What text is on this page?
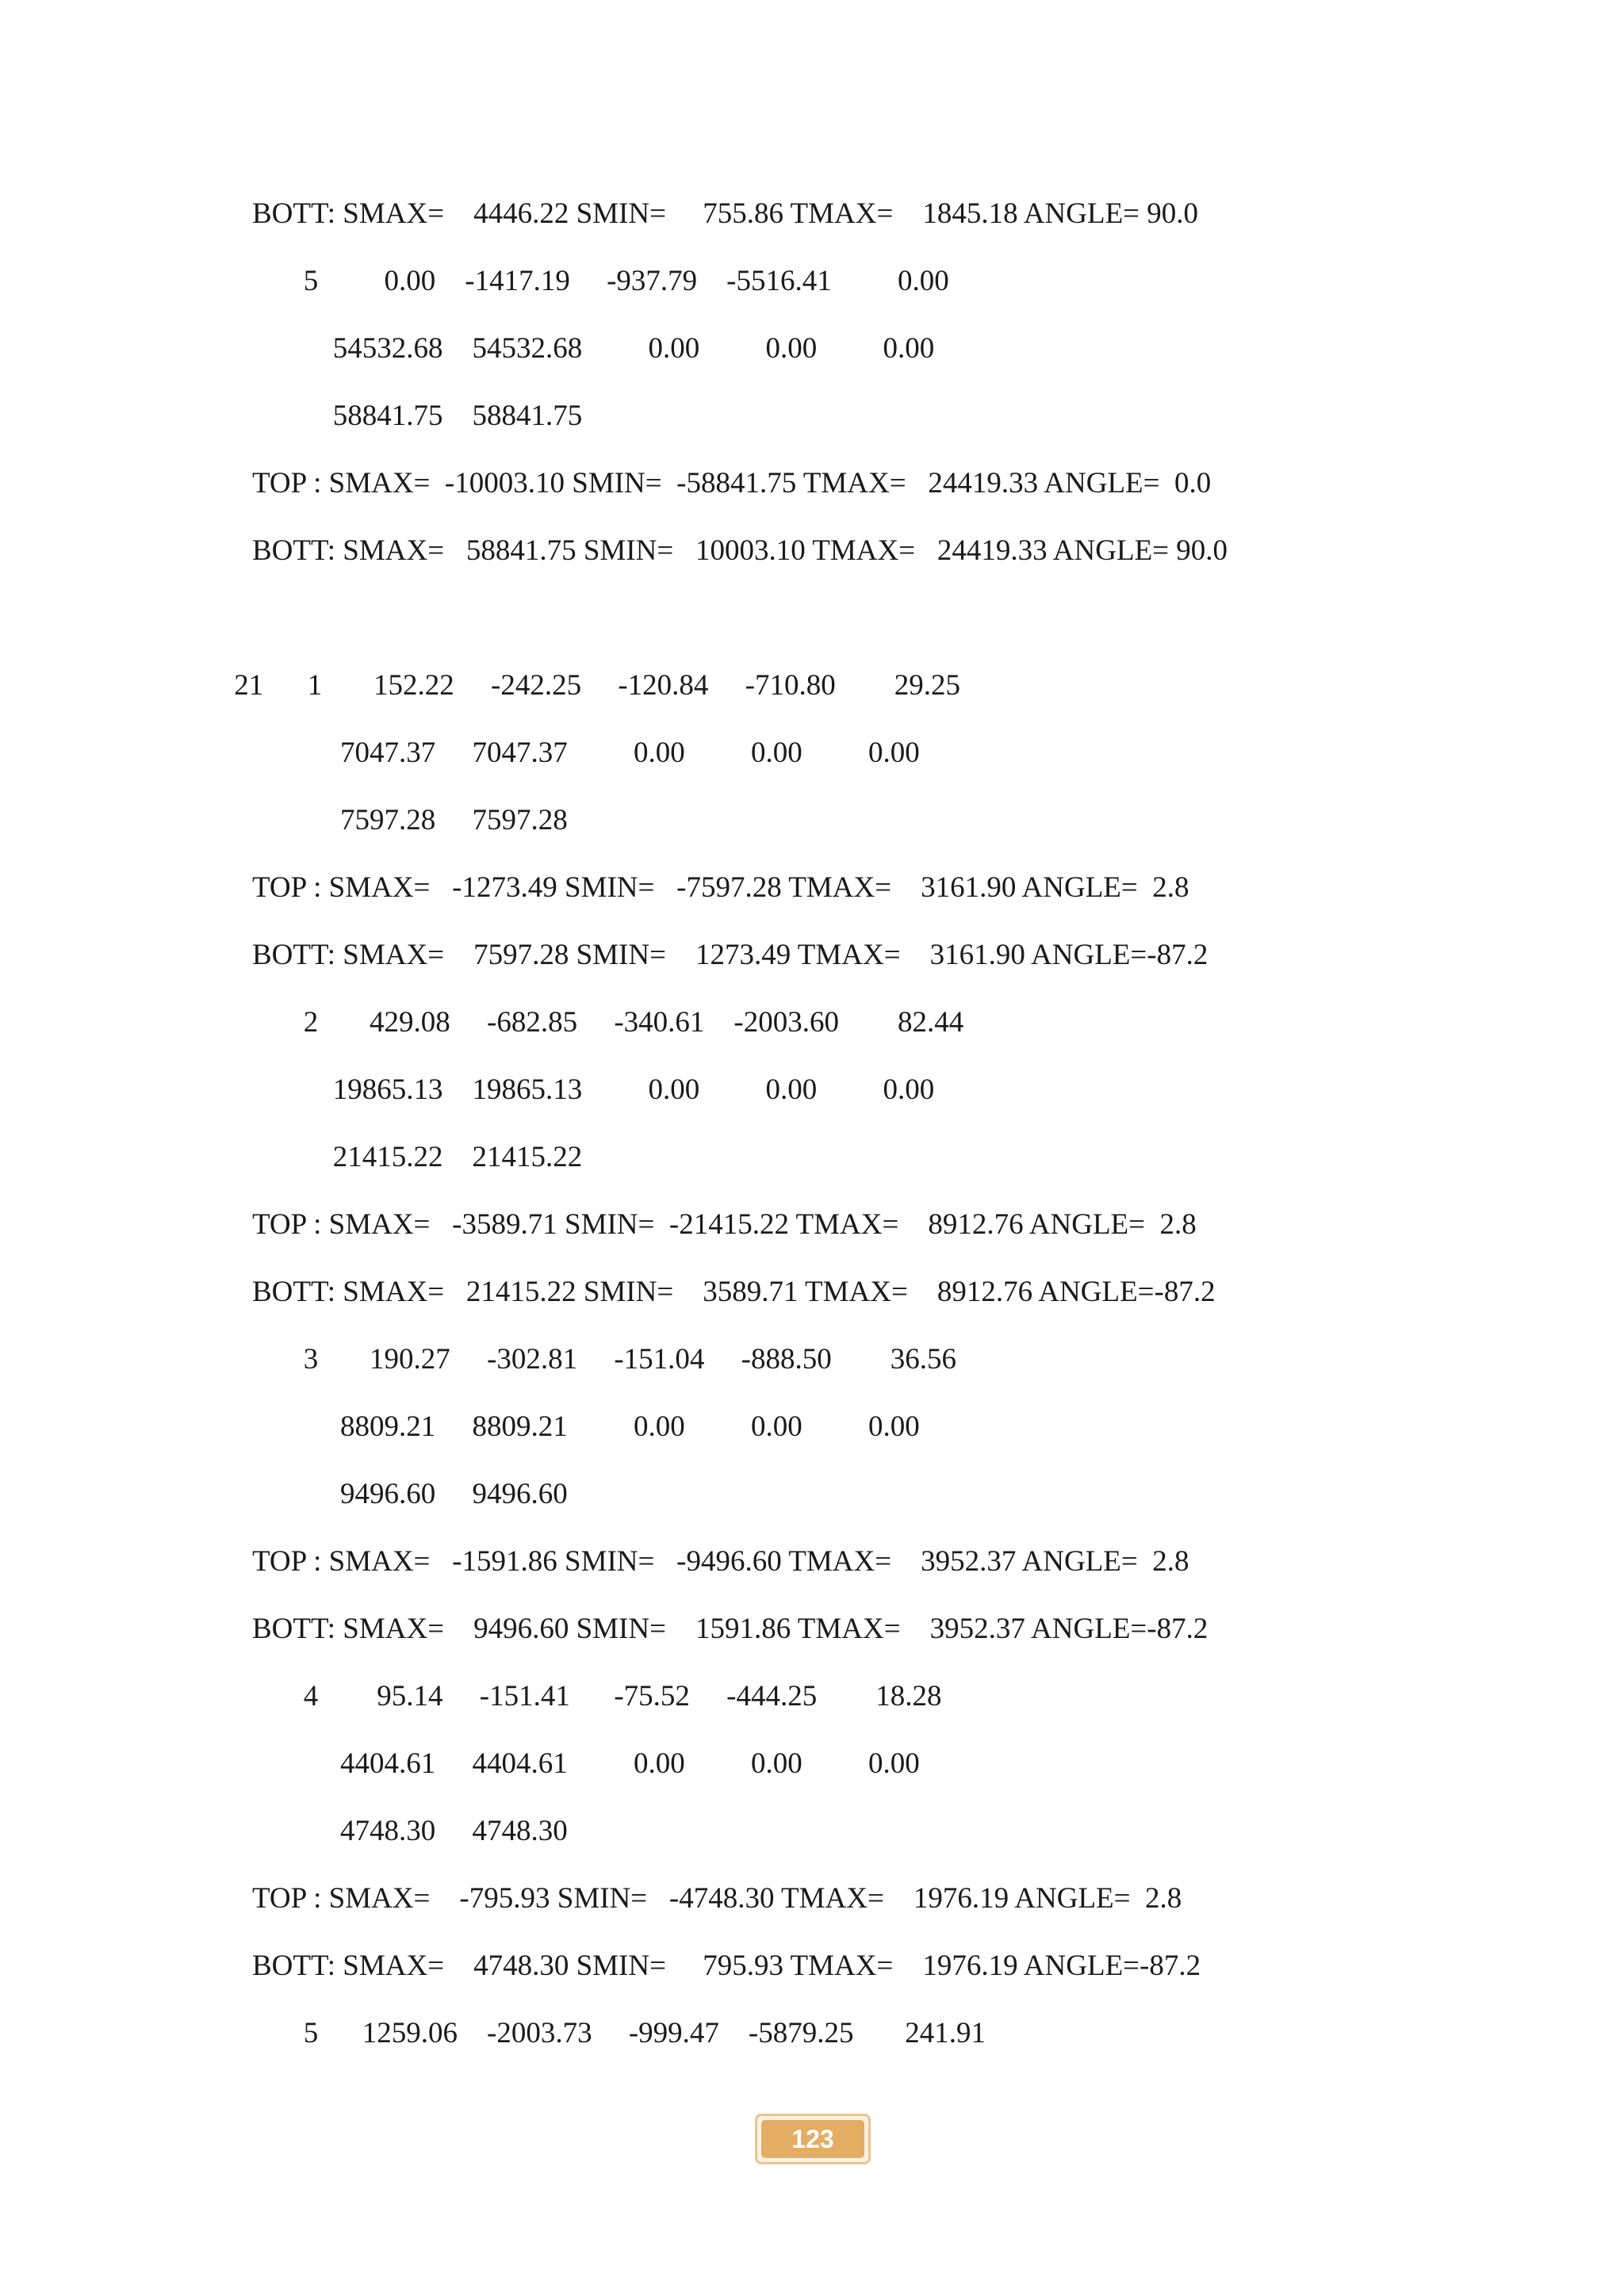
BOTT: SMAX=    4446.22 SMIN=     755.86 TMAX=    1845.18 ANGLE= 90.0
5         0.00    -1417.19     -937.79    -5516.41         0.00
54532.68    54532.68         0.00         0.00         0.00
58841.75    58841.75
TOP : SMAX=  -10003.10 SMIN=  -58841.75 TMAX=   24419.33 ANGLE=  0.0
BOTT: SMAX=   58841.75 SMIN=   10003.10 TMAX=   24419.33 ANGLE= 90.0
21      1       152.22     -242.25     -120.84     -710.80        29.25
7047.37     7047.37         0.00         0.00         0.00
7597.28     7597.28
TOP : SMAX=   -1273.49 SMIN=   -7597.28 TMAX=    3161.90 ANGLE=  2.8
BOTT: SMAX=    7597.28 SMIN=    1273.49 TMAX=    3161.90 ANGLE=-87.2
2       429.08     -682.85     -340.61    -2003.60        82.44
19865.13    19865.13         0.00         0.00         0.00
21415.22    21415.22
TOP : SMAX=   -3589.71 SMIN=  -21415.22 TMAX=    8912.76 ANGLE=  2.8
BOTT: SMAX=   21415.22 SMIN=    3589.71 TMAX=    8912.76 ANGLE=-87.2
3       190.27     -302.81     -151.04     -888.50        36.56
8809.21     8809.21         0.00         0.00         0.00
9496.60     9496.60
TOP : SMAX=   -1591.86 SMIN=   -9496.60 TMAX=    3952.37 ANGLE=  2.8
BOTT: SMAX=    9496.60 SMIN=    1591.86 TMAX=    3952.37 ANGLE=-87.2
4        95.14     -151.41      -75.52     -444.25        18.28
4404.61     4404.61         0.00         0.00         0.00
4748.30     4748.30
TOP : SMAX=    -795.93 SMIN=   -4748.30 TMAX=    1976.19 ANGLE=  2.8
BOTT: SMAX=    4748.30 SMIN=     795.93 TMAX=    1976.19 ANGLE=-87.2
5      1259.06    -2003.73     -999.47    -5879.25       241.91
123
